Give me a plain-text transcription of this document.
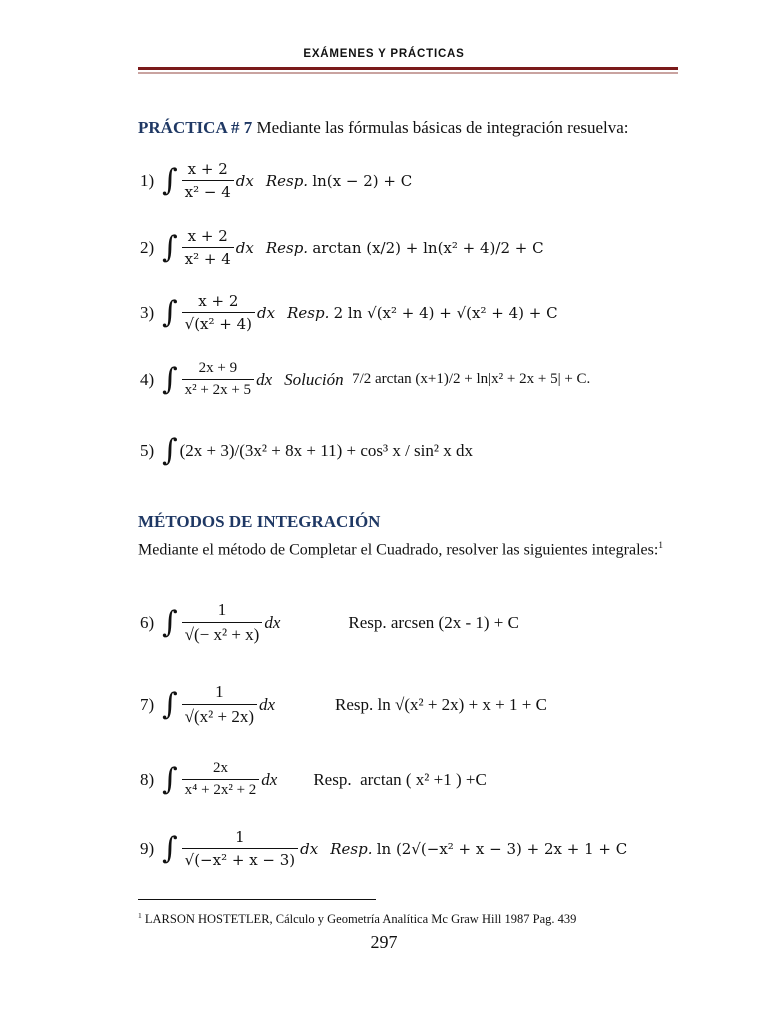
EXÁMENES Y PRÁCTICAS
PRÁCTICA # 7 Mediante las fórmulas básicas de integración resuelva:
1) ∫ $\frac{x + 2}{\text{x² − 4}}$ dx Resp.
ln(x − 2) + C
2) ∫ $\frac{x + 2}{\text{x² + 4}}$ dx Resp.
arctan (x/2) + ln(x² + 4)/2 + C
3) ∫ $\frac{x + 2}{\text{√(x² + 4)}}$ dx Resp.
2 ln √(x² + 4) + √(x² + 4) + C
4) ∫ $\frac{2x + 9}{\text{x² + 2x + 5}}$ dx Solución
7/2 arctan (x+1)/2 + ln|x² + 2x + 5| + C.
5) ∫ (2x + 3)/(3x² + 8x + 11) + cos³ x / sin² x dx
MÉTODOS DE INTEGRACIÓN
Mediante el método de Completar el Cuadrado, resolver las siguientes integrales:$^1$
6) ∫ $\frac{1}{\text{√(− x² + x)}}$ dx	Resp.
arcsen (2x - 1) + C
7) ∫ $\frac{1}{\text{√(x² + 2x)}}$ dx	Resp.
ln √(x² + 2x) + x + 1 + C
8) ∫ $\frac{2x}{\text{x⁴ + 2x² + 2}}$ dx Resp.
arctan ( x² +1 ) +C
9) ∫ $\frac{1}{\text{√(−x² + x − 3)}}$ dx Resp.
ln (2√(−x² + x − 3) + 2x + 1 + C
$^1$ LARSON HOSTETLER, Cálculo y Geometría Analítica Mc Graw Hill 1987 Pag. 439
297
